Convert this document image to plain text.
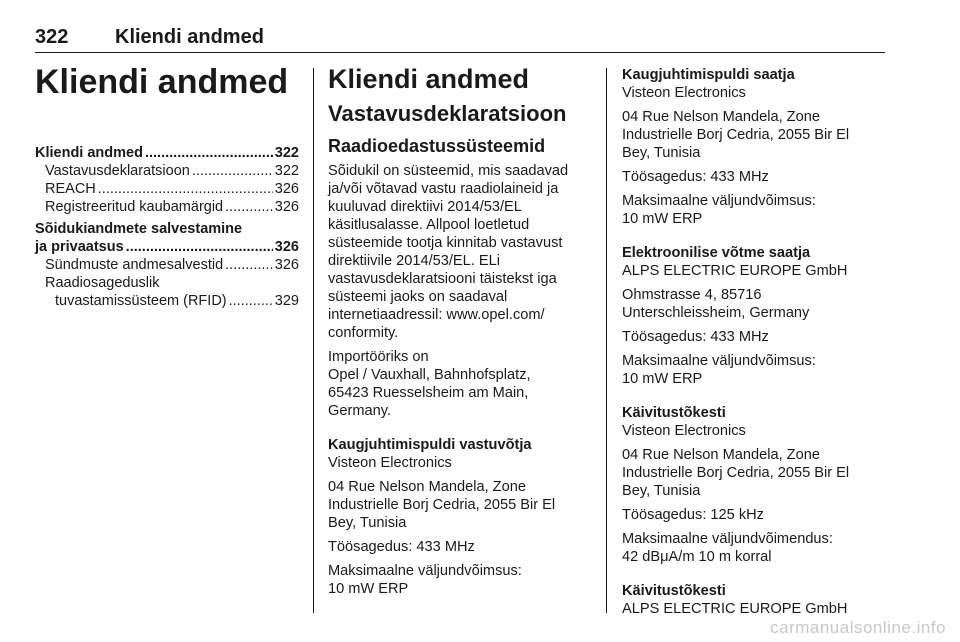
322 Kliendi andmed
Kliendi andmed
Kliendi andmed .....	322
Vastavusdeklaratsioon .....	322
REACH .....	326
Registreeritud kaubamärgid .....	326
Sõidukiandmete salvestamine
ja privaatsus .....	326
Sündmuste andmesalvestid .....	326
Raadiosageduslik
tuvastamissüsteem (RFID) .....	329
Kliendi andmed
Vastavusdeklaratsioon
Raadioedastussüsteemid

Sõidukil on süsteemid, mis saadavad
ja/või võtavad vastu raadiolaineid ja
kuuluvad direktiivi 2014/53/EL
käsitlusalasse. Allpool loetletud
süsteemide tootja kinnitab vastavust
direktiivile 2014/53/EL. ELi
vastavusdeklaratsiooni täistekst iga
süsteemi jaoks on saadaval
internetiaadressil: www.opel.com/
conformity.

Importööriks on
Opel / Vauxhall, Bahnhofsplatz,
65423 Ruesselsheim am Main,
Germany.

Kaugjuhtimispuldi vastuvõtja

Visteon Electronics

04 Rue Nelson Mandela, Zone
Industrielle Borj Cedria, 2055 Bir El
Bey, Tunisia

Töösagedus: 433 MHz

Maksimaalne väljundvõimsus:
10 mW ERP

Kaugjuhtimispuldi saatja

Visteon Electronics

04 Rue Nelson Mandela, Zone
Industrielle Borj Cedria, 2055 Bir El
Bey, Tunisia

Töösagedus: 433 MHz

Maksimaalne väljundvõimsus:
10 mW ERP

Elektroonilise võtme saatja

ALPS ELECTRIC EUROPE GmbH

Ohmstrasse 4, 85716
Unterschleissheim, Germany

Töösagedus: 433 MHz

Maksimaalne väljundvõimsus:
10 mW ERP

Käivitustõkesti

Visteon Electronics

04 Rue Nelson Mandela, Zone
Industrielle Borj Cedria, 2055 Bir El
Bey, Tunisia

Töösagedus: 125 kHz

Maksimaalne väljundvõimendus:
42 dBμA/m 10 m korral

Käivitustõkesti

ALPS ELECTRIC EUROPE GmbH

carmanualsonline.info
